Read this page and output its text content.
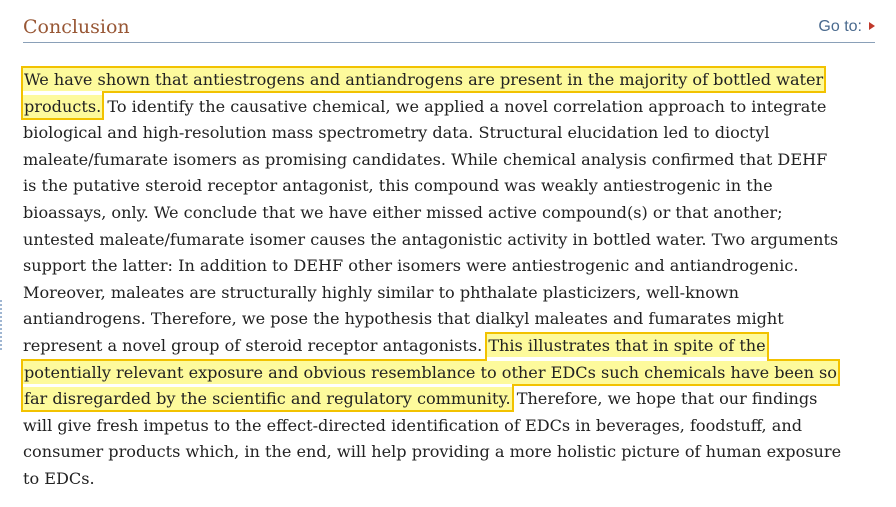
Conclusion	Go to:
We have shown that antiestrogens and antiandrogens are present in the majority of bottled water
products. To identify the causative chemical, we applied a novel correlation approach to integrate
biological and high-resolution mass spectrometry data. Structural elucidation led to dioctyl
maleate/fumarate isomers as promising candidates. While chemical analysis confirmed that DEHF
is the putative steroid receptor antagonist, this compound was weakly antiestrogenic in the
bioassays, only. We conclude that we have either missed active compound(s) or that another;
untested maleate/fumarate isomer causes the antagonistic activity in bottled water. Two arguments
support the latter: In addition to DEHF other isomers were antiestrogenic and antiandrogenic.
Moreover, maleates are structurally highly similar to phthalate plasticizers, well-known
antiandrogens. Therefore, we pose the hypothesis that dialkyl maleates and fumarates might
represent a novel group of steroid receptor antagonists. This illustrates that in spite of the
potentially relevant exposure and obvious resemblance to other EDCs such chemicals have been so
far disregarded by the scientific and regulatory community. Therefore, we hope that our findings
will give fresh impetus to the effect-directed identification of EDCs in beverages, foodstuff, and
consumer products which, in the end, will help providing a more holistic picture of human exposure
to EDCs.
